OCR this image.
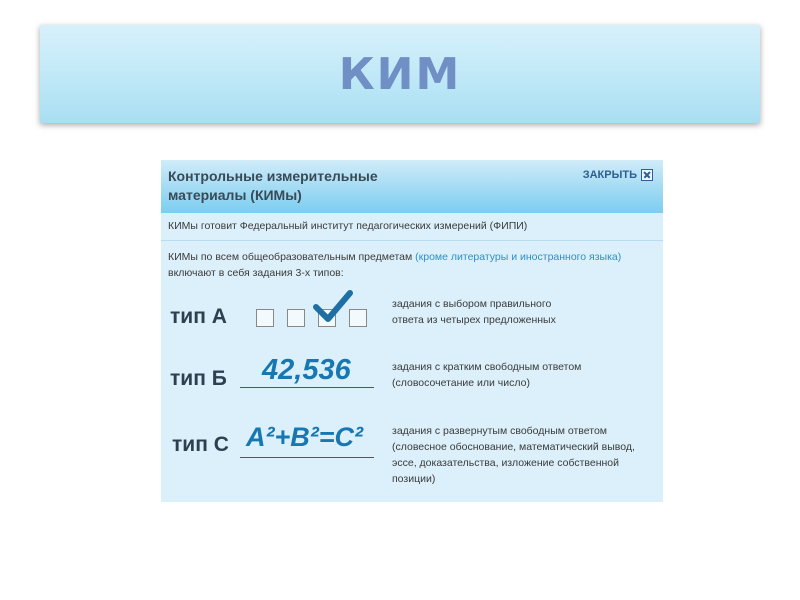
КИМ
Контрольные измерительные материалы (КИМы)
ЗАКРЫТЬ
КИМы готовит Федеральный институт педагогических измерений (ФИПИ)
КИМы по всем общеобразовательным предметам (кроме литературы и иностранного языка) включают в себя задания 3-х типов:
тип А
задания с выбором правильного
ответа из четырех предложенных
тип Б 42,536	задания с кратким свободным ответом
(словосочетание или число)
тип С A²+B²=C²	задания с развернутым свободным ответом
(словесное обоснование, математический вывод,
эссе, доказательства, изложение собственной
позиции)
